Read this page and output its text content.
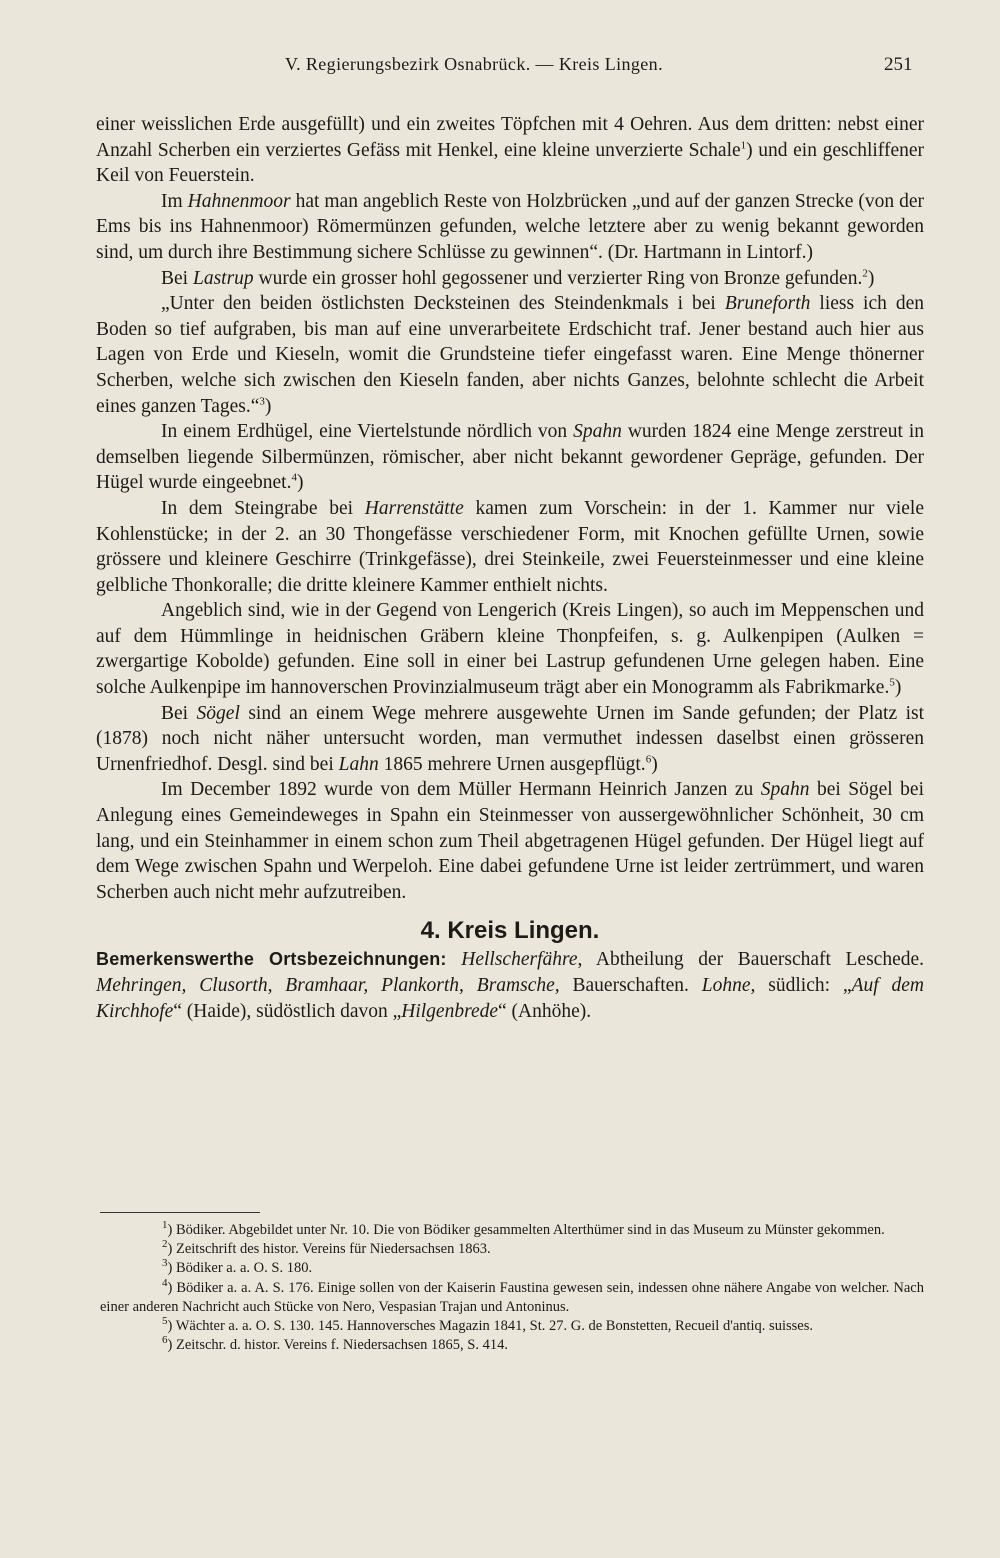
V. Regierungsbezirk Osnabrück. — Kreis Lingen.	251

einer weisslichen Erde ausgefüllt) und ein zweites Töpfchen mit 4 Oehren. Aus dem dritten: nebst einer Anzahl Scherben ein verziertes Gefäss mit Henkel, eine kleine unverzierte Schale$^1$) und ein geschliffener Keil von Feuerstein.

Im Hahnenmoor hat man angeblich Reste von Holzbrücken „und auf der ganzen Strecke (von der Ems bis ins Hahnenmoor) Römermünzen gefunden, welche letztere aber zu wenig bekannt geworden sind, um durch ihre Bestimmung sichere Schlüsse zu gewinnen“. (Dr. Hartmann in Lintorf.)

Bei Lastrup wurde ein grosser hohl gegossener und verzierter Ring von Bronze gefunden.$^2$)

„Unter den beiden östlichsten Decksteinen des Steindenkmals i bei Bruneforth liess ich den Boden so tief aufgraben, bis man auf eine unverarbeitete Erdschicht traf. Jener bestand auch hier aus Lagen von Erde und Kieseln, womit die Grundsteine tiefer eingefasst waren. Eine Menge thönerner Scherben, welche sich zwischen den Kieseln fanden, aber nichts Ganzes, belohnte schlecht die Arbeit eines ganzen Tages.“$^3$)

In einem Erdhügel, eine Viertelstunde nördlich von Spahn wurden 1824 eine Menge zerstreut in demselben liegende Silbermünzen, römischer, aber nicht bekannt gewordener Gepräge, gefunden. Der Hügel wurde eingeebnet.$^4$)

In dem Steingrabe bei Harrenstätte kamen zum Vorschein: in der 1. Kammer nur viele Kohlenstücke; in der 2. an 30 Thongefässe verschiedener Form, mit Knochen gefüllte Urnen, sowie grössere und kleinere Geschirre (Trinkgefässe), drei Steinkeile, zwei Feuersteinmesser und eine kleine gelbliche Thonkoralle; die dritte kleinere Kammer enthielt nichts.

Angeblich sind, wie in der Gegend von Lengerich (Kreis Lingen), so auch im Meppenschen und auf dem Hümmlinge in heidnischen Gräbern kleine Thonpfeifen, s. g. Aulkenpipen (Aulken = zwergartige Kobolde) gefunden. Eine soll in einer bei Lastrup gefundenen Urne gelegen haben. Eine solche Aulkenpipe im hannoverschen Provinzialmuseum trägt aber ein Monogramm als Fabrikmarke.$^5$)

Bei Sögel sind an einem Wege mehrere ausgewehte Urnen im Sande gefunden; der Platz ist (1878) noch nicht näher untersucht worden, man vermuthet indessen daselbst einen grösseren Urnenfriedhof. Desgl. sind bei Lahn 1865 mehrere Urnen ausgepflügt.$^6$)

Im December 1892 wurde von dem Müller Hermann Heinrich Janzen zu Spahn bei Sögel bei Anlegung eines Gemeindeweges in Spahn ein Steinmesser von aussergewöhnlicher Schönheit, 30 cm lang, und ein Steinhammer in einem schon zum Theil abgetragenen Hügel gefunden. Der Hügel liegt auf dem Wege zwischen Spahn und Werpeloh. Eine dabei gefundene Urne ist leider zertrümmert, und waren Scherben auch nicht mehr aufzutreiben.

4. Kreis Lingen.

Bemerkenswerthe Ortsbezeichnungen: Hellscherfähre, Abtheilung der Bauerschaft Leschede. Mehringen, Clusorth, Bramhaar, Plankorth, Bramsche, Bauerschaften. Lohne, südlich: „Auf dem Kirchhofe“ (Haide), südöstlich davon „Hilgenbrede“ (Anhöhe).

$^1$) Bödiker. Abgebildet unter Nr. 10. Die von Bödiker gesammelten Alterthümer sind in das Museum zu Münster gekommen.

$^2$) Zeitschrift des histor. Vereins für Niedersachsen 1863.

$^3$) Bödiker a. a. O. S. 180.

$^4$) Bödiker a. a. A. S. 176. Einige sollen von der Kaiserin Faustina gewesen sein, indessen ohne nähere Angabe von welcher. Nach einer anderen Nachricht auch Stücke von Nero, Vespasian Trajan und Antoninus.

$^5$) Wächter a. a. O. S. 130. 145. Hannoversches Magazin 1841, St. 27. G. de Bonstetten, Recueil d'antiq. suisses.

$^6$) Zeitschr. d. histor. Vereins f. Niedersachsen 1865, S. 414.
